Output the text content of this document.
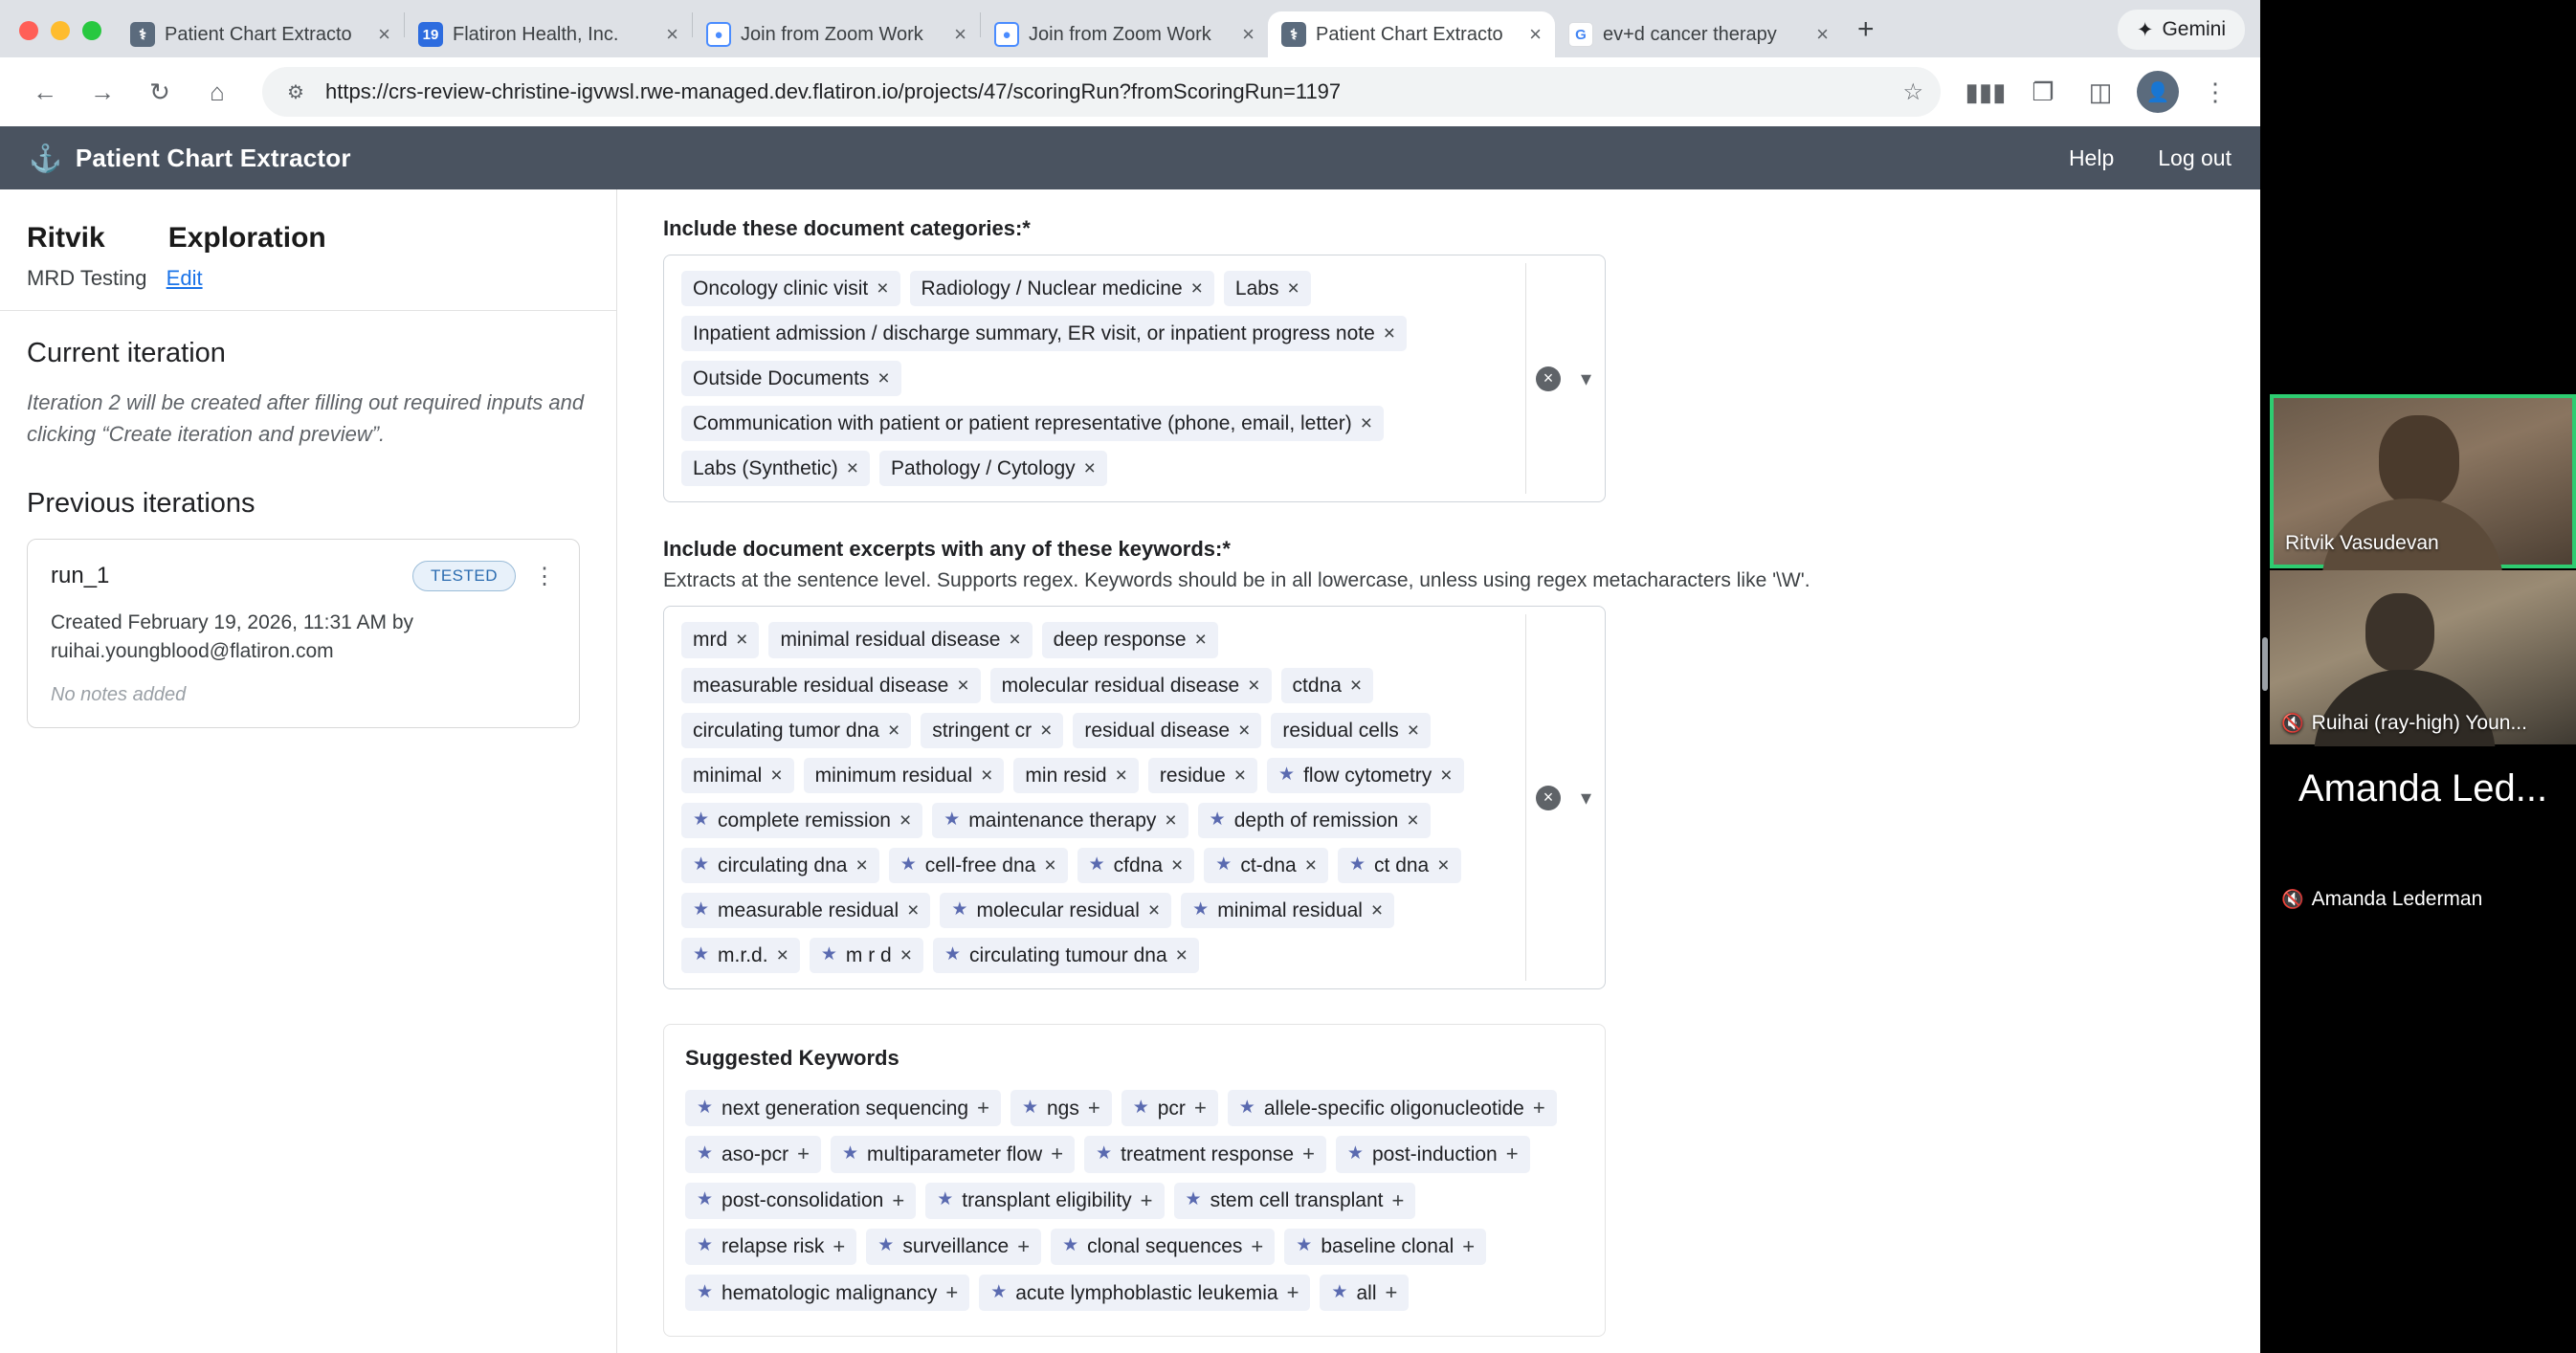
⚕ Patient Chart Extracto	×	19 Flatiron Health, Inc.	×	● Join from Zoom Work	×	● Join from Zoom Work	×	⚕ Patient Chart Extracto	×	G ev+d cancer therapy	×	+	✦ Gemini
←	→	↻	⌂	⚙	https://crs-review-christine-igvwsl.rwe-managed.dev.flatiron.io/projects/47/scoringRun?fromScoringRun=1197	☆ ▮▮▮	❐	◫	👤	⋮
⚓ Patient Chart Extractor	Help Log out
Ritvik Exploration
MRD Testing Edit
Current iteration
Iteration 2 will be created after filling out required inputs and clicking “Create iteration and preview”.
Previous iterations
run_1	TESTED	⋮
Created February 19, 2026, 11:31 AM by
ruihai.youngblood@flatiron.com
No notes added
Include these document categories:*
×	▾
Oncology clinic visit × Radiology / Nuclear medicine × Labs ×
Inpatient admission / discharge summary, ER visit, or inpatient progress note ×
Outside Documents ×
Communication with patient or patient representative (phone, email, letter) ×
Labs (Synthetic) × Pathology / Cytology ×
Include document excerpts with any of these keywords:*
Extracts at the sentence level. Supports regex. Keywords should be in all lowercase, unless using regex metacharacters like '\W'.
×	▾
mrd × minimal residual disease × deep response ×
measurable residual disease × molecular residual disease × ctdna ×
circulating tumor dna × stringent cr × residual disease × residual cells ×
minimal × minimum residual × min resid × residue × ★ flow cytometry ×
★ complete remission × ★ maintenance therapy × ★ depth of remission ×
★ circulating dna × ★ cell-free dna × ★ cfdna × ★ ct-dna × ★ ct dna ×
★ measurable residual × ★ molecular residual × ★ minimal residual ×
★ m.r.d. × ★ m r d × ★ circulating tumour dna ×
Suggested Keywords
★ next generation sequencing + ★ ngs + ★ pcr + ★ allele-specific oligonucleotide +
★ aso-pcr + ★ multiparameter flow + ★ treatment response + ★ post-induction +
★ post-consolidation + ★ transplant eligibility + ★ stem cell transplant +
★ relapse risk + ★ surveillance + ★ clonal sequences + ★ baseline clonal +
★ hematologic malignancy + ★ acute lymphoblastic leukemia + ★ all +
Ritvik Vasudevan
🔇 Ruihai (ray-high) Youn...
Amanda Led...
🔇 Amanda Lederman
